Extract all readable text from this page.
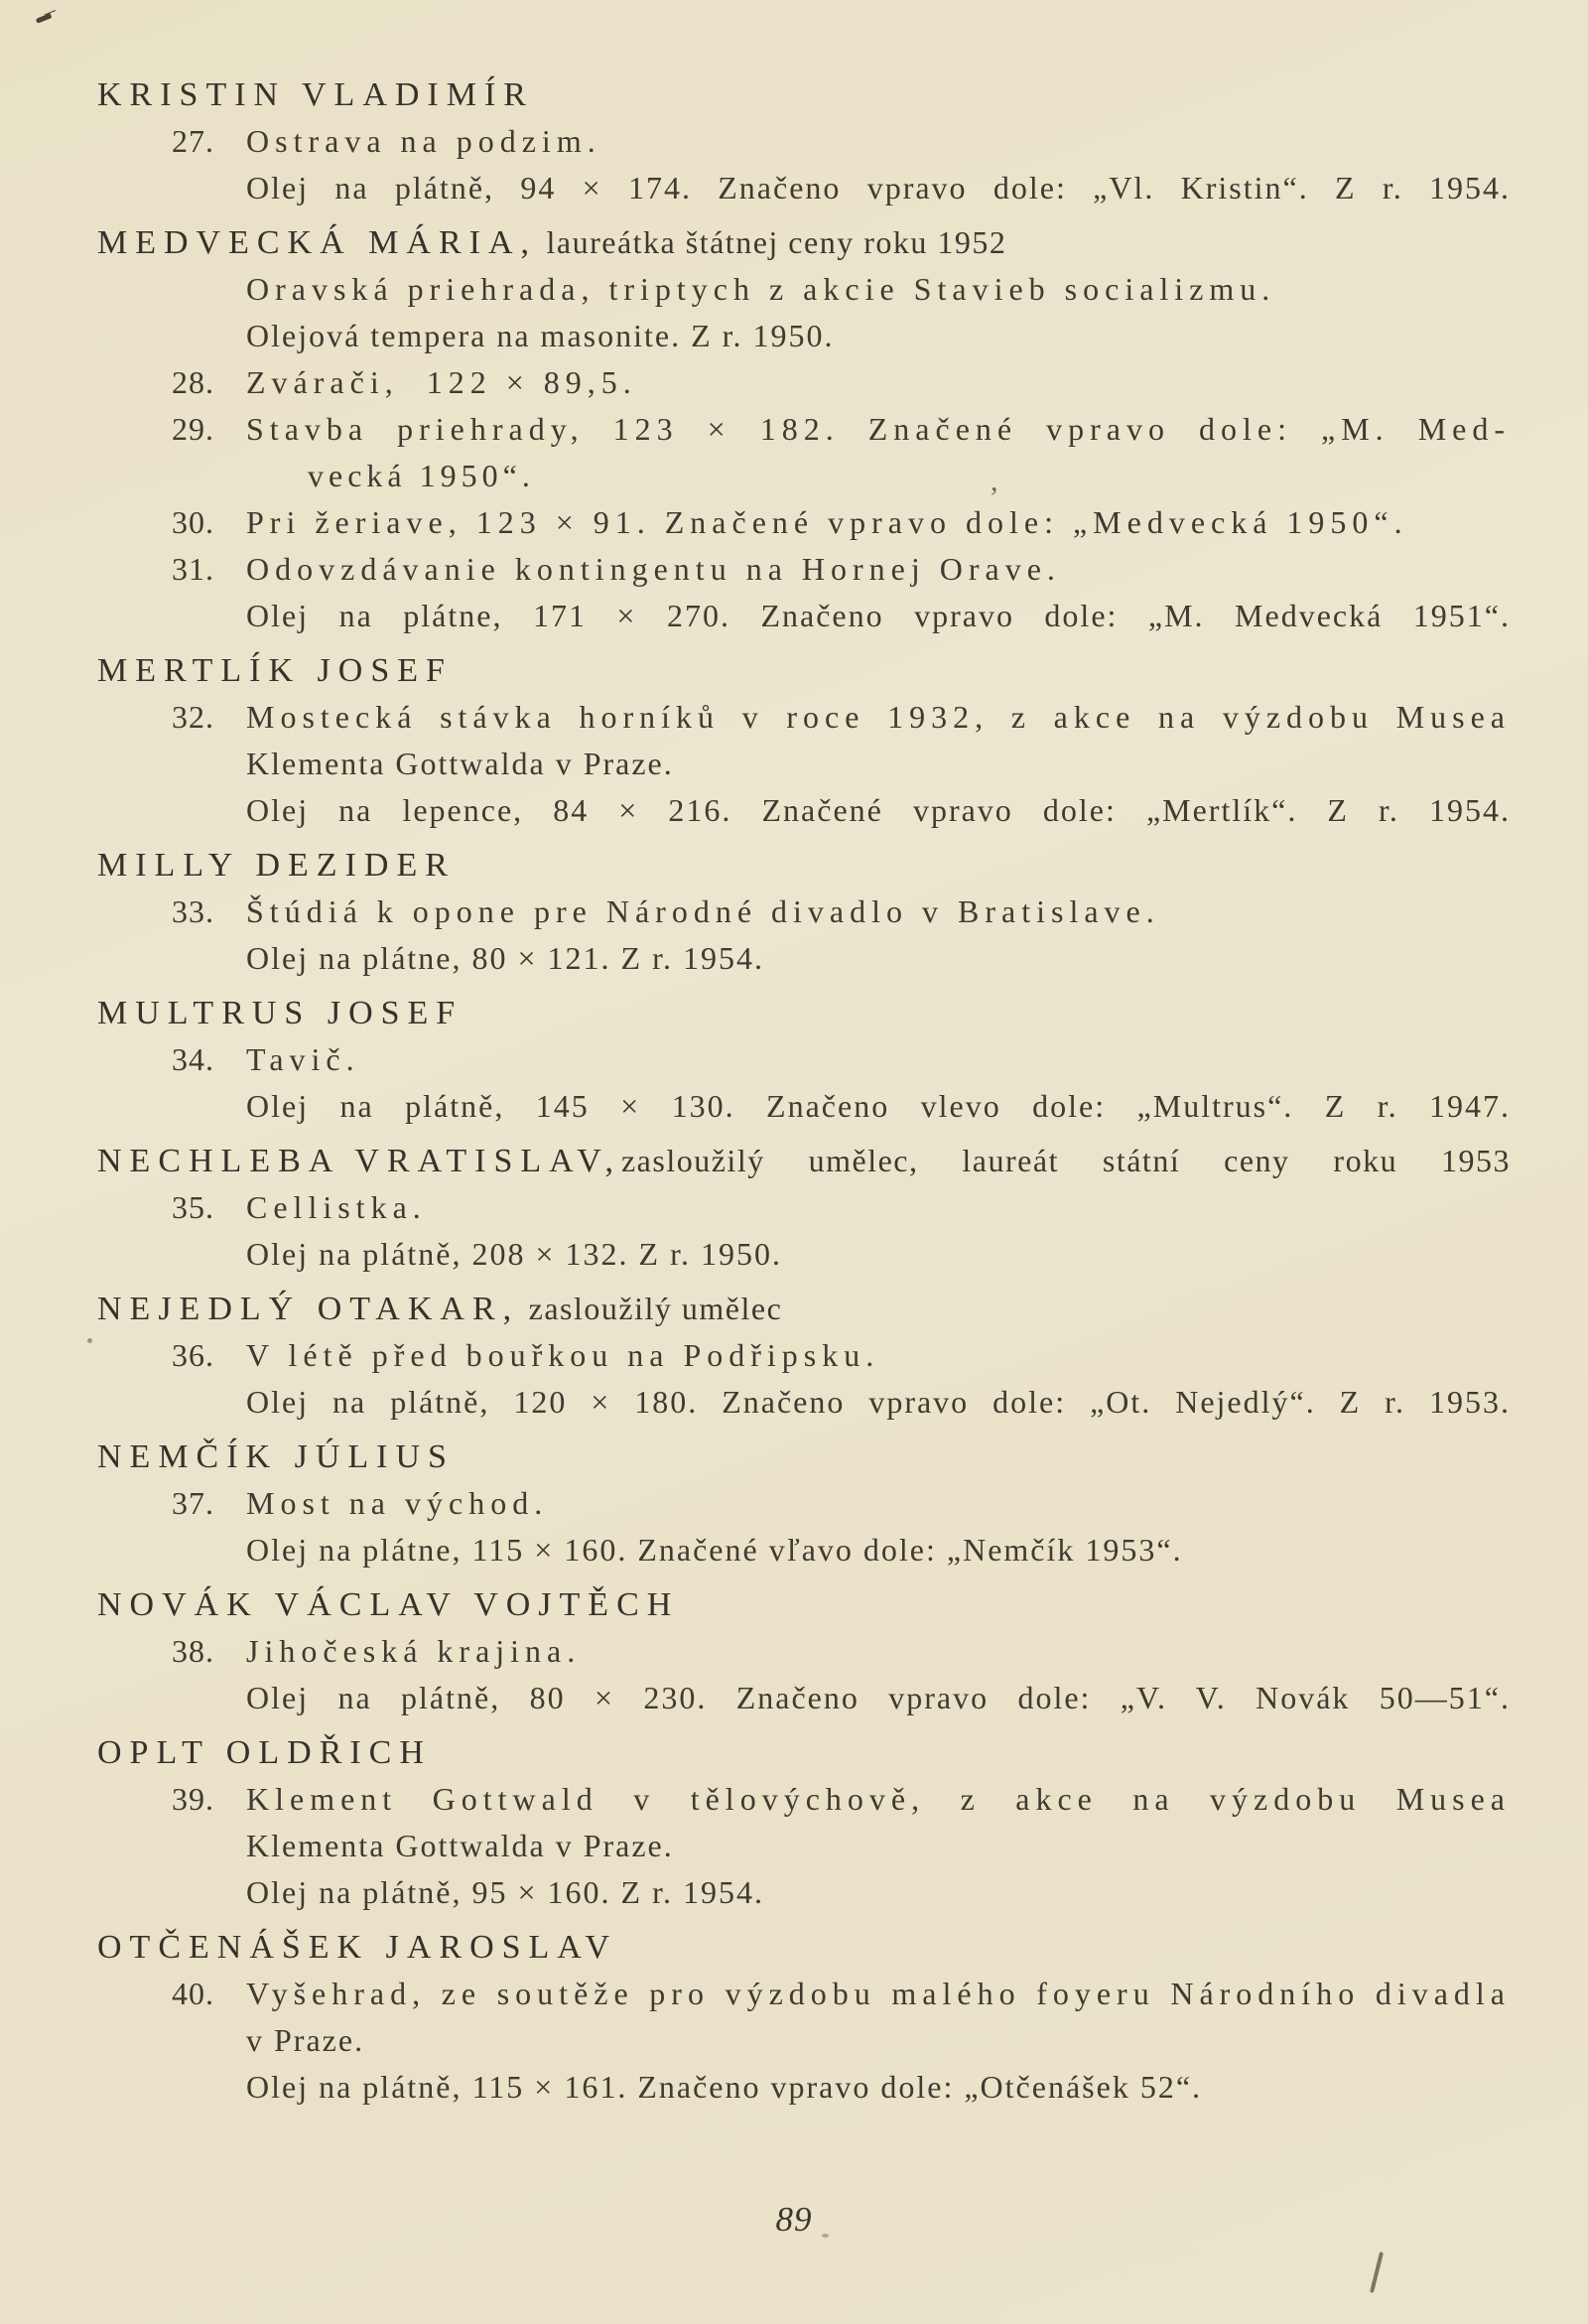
KRISTIN VLADIMÍR
27.	Ostrava na podzim.
Olej na plátně, 94 × 174. Značeno vpravo dole: „Vl. Kristin“. Z r. 1954.
MEDVECKÁ MÁRIA, laureátka štátnej ceny roku 1952
Oravská priehrada, triptych z akcie Stavieb socializmu.
Olejová tempera na masonite. Z r. 1950.
28.	Zvárači,  122 × 89,5.
29.	Stavba priehrady, 123 × 182. Značené vpravo dole: „M. Med-
vecká 1950“.
30.	Pri žeriave, 123 × 91. Značené vpravo dole: „Medvecká 1950“.
31.	Odovzdávanie kontingentu na Hornej Orave.
Olej na plátne, 171 × 270. Značeno vpravo dole: „M. Medvecká 1951“.
MERTLÍK JOSEF
32.	Mostecká stávka horníků v roce 1932, z akce na výzdobu Musea
Klementa Gottwalda v Praze.
Olej na lepence, 84 × 216. Značené vpravo dole: „Mertlík“. Z r. 1954.
MILLY DEZIDER
33.	Štúdiá k opone pre Národné divadlo v Bratislave.
Olej na plátne, 80 × 121. Z r. 1954.
MULTRUS JOSEF
34.	Tavič.
Olej na plátně, 145 × 130. Značeno vlevo dole: „Multrus“. Z r. 1947.
NECHLEBA VRATISLAV, zasloužilý umělec, laureát státní ceny roku 1953
35.	Cellistka.
Olej na plátně, 208 × 132. Z r. 1950.
NEJEDLÝ OTAKAR, zasloužilý umělec
36.	V létě před bouřkou na Podřipsku.
Olej na plátně, 120 × 180. Značeno vpravo dole: „Ot. Nejedlý“. Z r. 1953.
NEMČÍK JÚLIUS
37.	Most na východ.
Olej na plátne, 115 × 160. Značené vľavo dole: „Nemčík 1953“.
NOVÁK VÁCLAV VOJTĚCH
38.	Jihočeská krajina.
Olej na plátně, 80 × 230. Značeno vpravo dole: „V. V. Novák 50—51“.
OPLT OLDŘICH
39.	Klement Gottwald v tělovýchově, z akce na výzdobu Musea
Klementa Gottwalda v Praze.
Olej na plátně, 95 × 160. Z r. 1954.
OTČENÁŠEK JAROSLAV
40.	Vyšehrad, ze soutěže pro výzdobu malého foyeru Národního divadla
v Praze.
Olej na plátně, 115 × 161. Značeno vpravo dole: „Otčenášek 52“.
89
,
